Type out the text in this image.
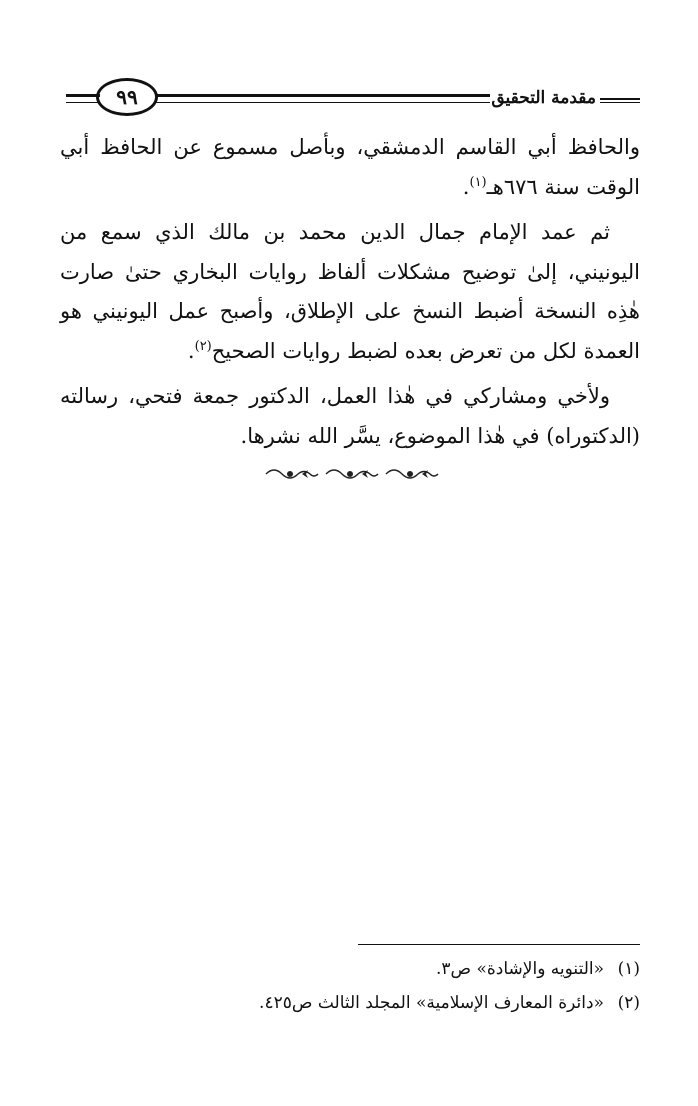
مقدمة التحقيق
٩٩

والحافظ أبي القاسم الدمشقي، وبأصل مسموع عن الحافظ أبي الوقت سنة ٦٧٦هـ$^{(١)}$.

ثم عمد الإمام جمال الدين محمد بن مالك الذي سمع من اليونيني، إلىٰ توضيح مشكلات ألفاظ روايات البخاري حتىٰ صارت هٰذِه النسخة أضبط النسخ على الإطلاق، وأصبح عمل اليونيني هو العمدة لكل من تعرض بعده لضبط روايات الصحيح$^{(٢)}$.

ولأخي ومشاركي في هٰذا العمل، الدكتور جمعة فتحي، رسالته (الدكتوراه) في هٰذا الموضوع، يسَّر الله نشرها.

(١)«التنويه والإشادة» ص٣.
(٢)«دائرة المعارف الإسلامية» المجلد الثالث ص٤٢٥.
